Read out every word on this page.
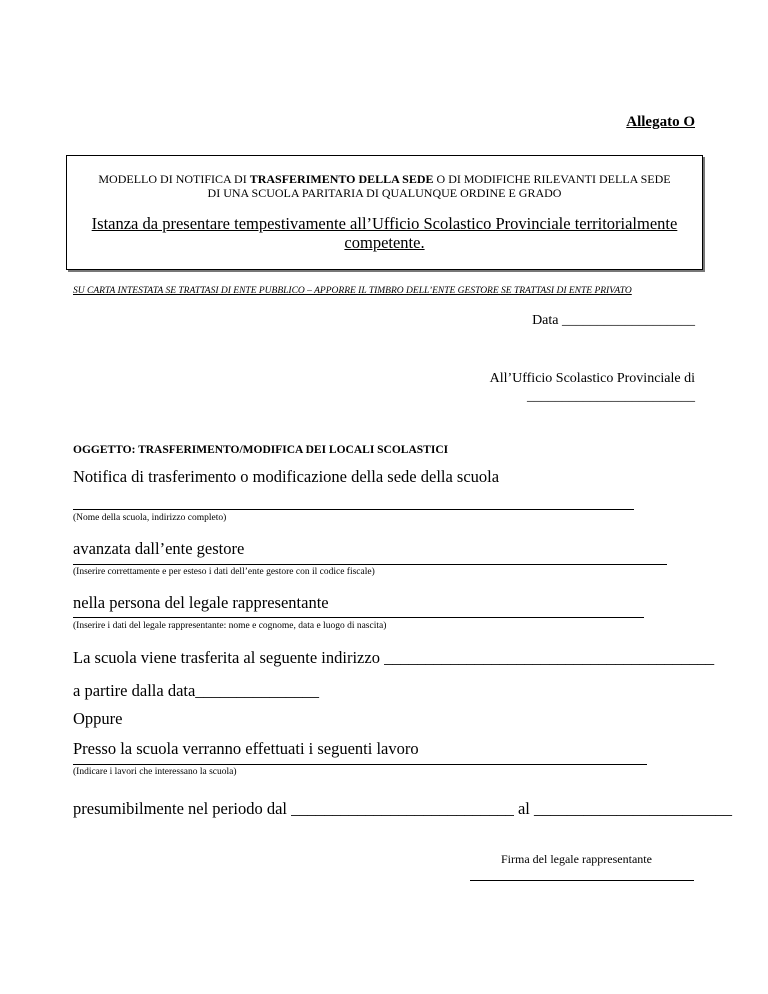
Allegato O
MODELLO DI NOTIFICA DI TRASFERIMENTO DELLA SEDE O DI MODIFICHE RILEVANTI DELLA SEDE
DI UNA SCUOLA PARITARIA DI QUALUNQUE ORDINE E GRADO
Istanza da presentare tempestivamente all’Ufficio Scolastico Provinciale territorialmente competente.
SU CARTA INTESTATA SE TRATTASI DI ENTE PUBBLICO – APPORRE IL TIMBRO DELL’ENTE GESTORE SE TRATTASI DI ENTE PRIVATO
Data ___________________
All’Ufficio Scolastico Provinciale di
________________________
OGGETTO: TRASFERIMENTO/MODIFICA DEI LOCALI SCOLASTICI
Notifica di trasferimento o modificazione della sede della scuola
(Nome della scuola, indirizzo completo)
avanzata dall’ente gestore
(Inserire correttamente e per esteso i dati dell’ente gestore con il codice fiscale)
nella persona del legale rappresentante
(Inserire i dati del legale rappresentante: nome e cognome, data e luogo di nascita)
La scuola viene trasferita al seguente indirizzo ________________________________________
a partire dalla data_______________
Oppure
Presso la scuola verranno effettuati i seguenti lavoro
(Indicare i lavori che interessano la scuola)
presumibilmente nel periodo dal ___________________________ al ________________________
Firma del legale rappresentante
